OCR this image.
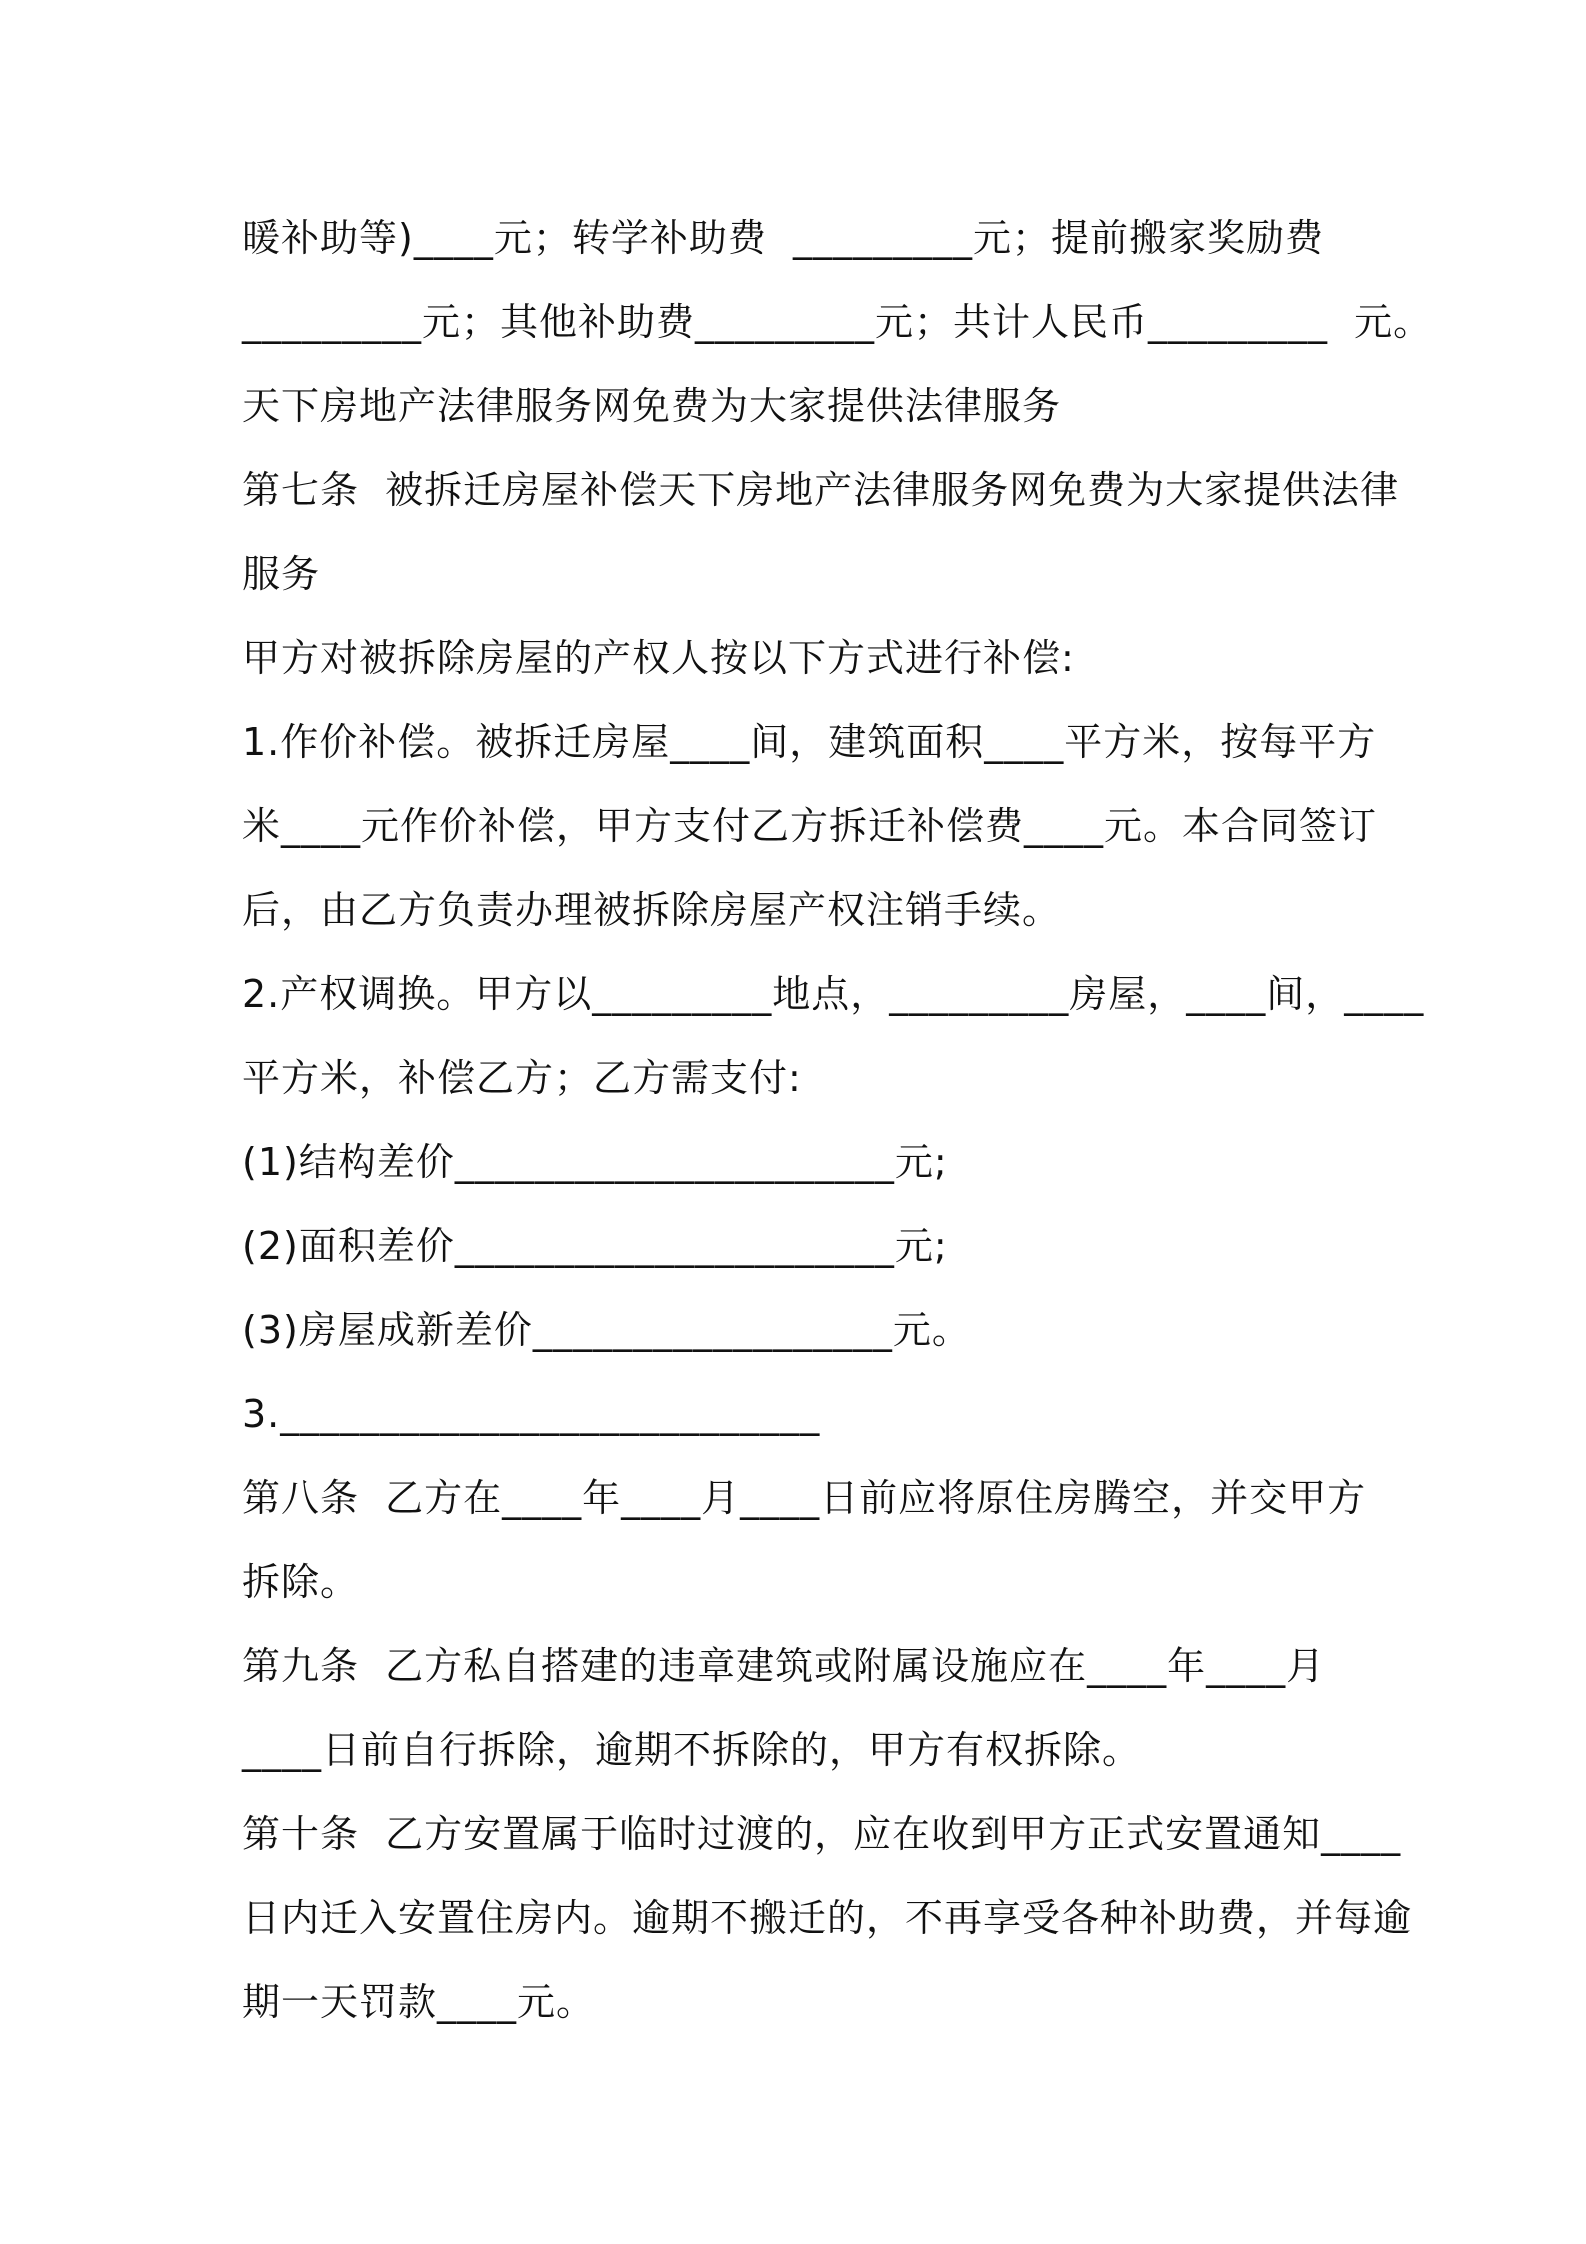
暖补助等)____元；转学补助费  _________元；提前搬家奖励费
_________元；其他补助费_________元；共计人民币_________  元。
天下房地产法律服务网免费为大家提供法律服务
第七条  被拆迁房屋补偿天下房地产法律服务网免费为大家提供法律
服务
甲方对被拆除房屋的产权人按以下方式进行补偿:
1.作价补偿。被拆迁房屋____间，建筑面积____平方米，按每平方
米____元作价补偿，甲方支付乙方拆迁补偿费____元。本合同签订
后，由乙方负责办理被拆除房屋产权注销手续。
2.产权调换。甲方以_________地点，_________房屋，____间，____
平方米，补偿乙方；乙方需支付:
(1)结构差价______________________元;
(2)面积差价______________________元;
(3)房屋成新差价__________________元。
3.___________________________
第八条  乙方在____年____月____日前应将原住房腾空，并交甲方
拆除。
第九条  乙方私自搭建的违章建筑或附属设施应在____年____月
____日前自行拆除，逾期不拆除的，甲方有权拆除。
第十条  乙方安置属于临时过渡的，应在收到甲方正式安置通知____
日内迁入安置住房内。逾期不搬迁的，不再享受各种补助费，并每逾
期一天罚款____元。
